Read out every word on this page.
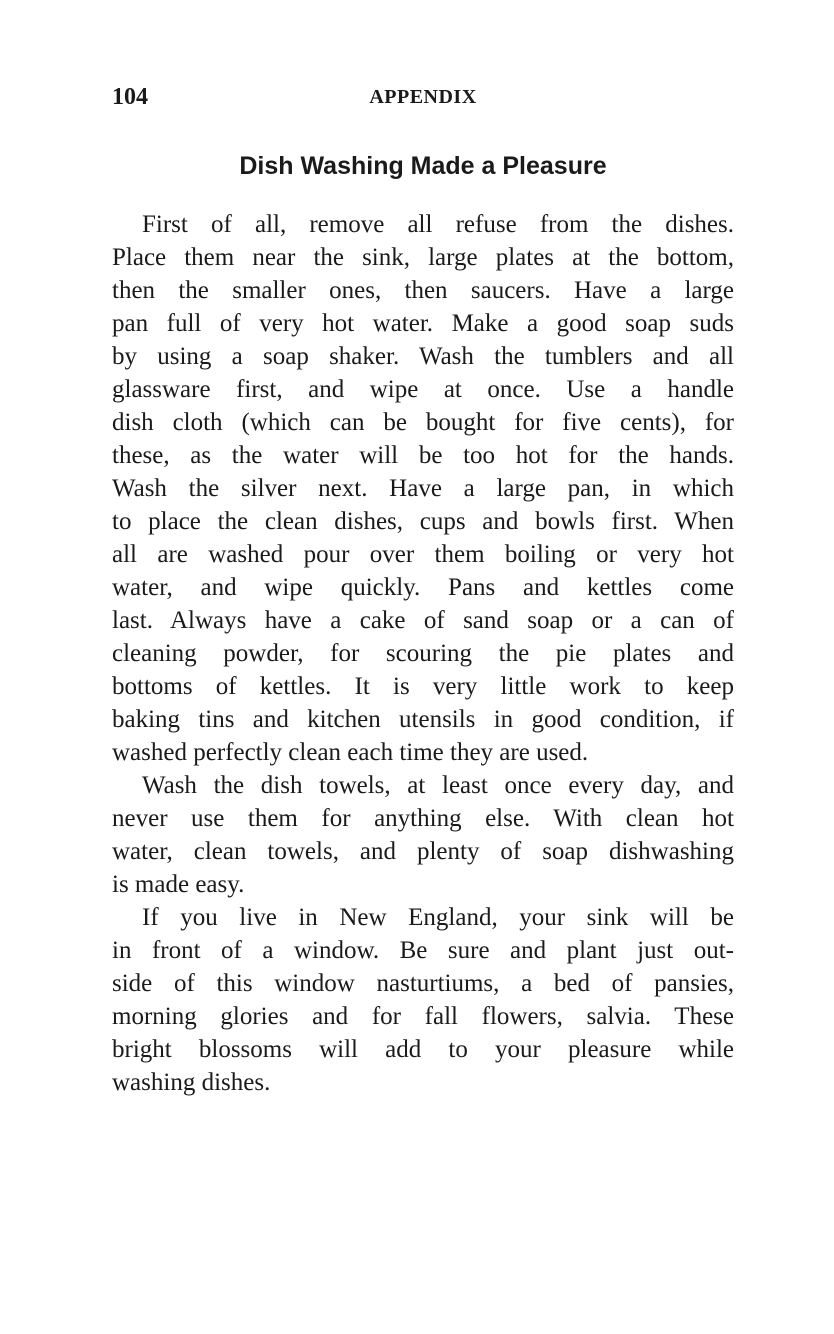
104	APPENDIX
Dish Washing Made a Pleasure

First of all, remove all refuse from the dishes.
Place them near the sink, large plates at the bottom,
then the smaller ones, then saucers. Have a large
pan full of very hot water. Make a good soap suds
by using a soap shaker. Wash the tumblers and all
glassware first, and wipe at once. Use a handle
dish cloth (which can be bought for five cents), for
these, as the water will be too hot for the hands.
Wash the silver next. Have a large pan, in which
to place the clean dishes, cups and bowls first. When
all are washed pour over them boiling or very hot
water, and wipe quickly. Pans and kettles come
last. Always have a cake of sand soap or a can of
cleaning powder, for scouring the pie plates and
bottoms of kettles. It is very little work to keep
baking tins and kitchen utensils in good condition, if
washed perfectly clean each time they are used.

Wash the dish towels, at least once every day, and
never use them for anything else. With clean hot
water, clean towels, and plenty of soap dishwashing
is made easy.

If you live in New England, your sink will be
in front of a window. Be sure and plant just out-
side of this window nasturtiums, a bed of pansies,
morning glories and for fall flowers, salvia. These
bright blossoms will add to your pleasure while
washing dishes.
